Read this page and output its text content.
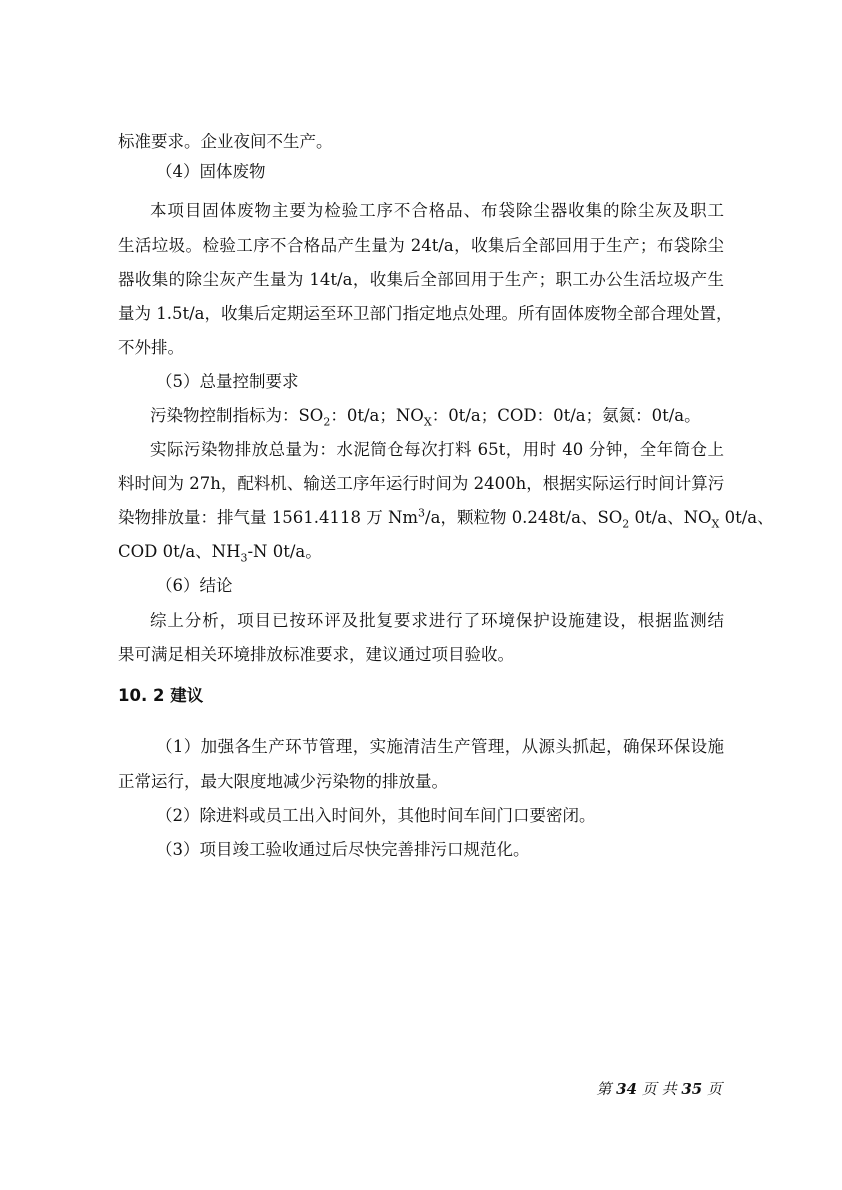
标准要求。企业夜间不生产。
（4）固体废物
本项目固体废物主要为检验工序不合格品、布袋除尘器收集的除尘灰及职工
生活垃圾。检验工序不合格品产生量为 24t/a，收集后全部回用于生产；布袋除尘
器收集的除尘灰产生量为 14t/a，收集后全部回用于生产；职工办公生活垃圾产生
量为 1.5t/a，收集后定期运至环卫部门指定地点处理。所有固体废物全部合理处置，
不外排。
（5）总量控制要求
污染物控制指标为：$SO_2$：0t/a；$NO_X$：0t/a；COD：0t/a；氨氮：0t/a。
实际污染物排放总量为：水泥筒仓每次打料 65t，用时 40 分钟，全年筒仓上
料时间为 27h，配料机、输送工序年运行时间为 2400h，根据实际运行时间计算污
染物排放量：排气量 1561.4118 万 Nm$^3$/a，颗粒物 0.248t/a、$SO_2$ 0t/a、$NO_X$ 0t/a、
COD 0t/a、$NH_3-N$ 0t/a。
（6）结论
综上分析，项目已按环评及批复要求进行了环境保护设施建设，根据监测结
果可满足相关环境排放标准要求，建议通过项目验收。
10. 2 建议
（1）加强各生产环节管理，实施清洁生产管理，从源头抓起，确保环保设施
正常运行，最大限度地减少污染物的排放量。
（2）除进料或员工出入时间外，其他时间车间门口要密闭。
（3）项目竣工验收通过后尽快完善排污口规范化。
第 34 页 共 35 页
